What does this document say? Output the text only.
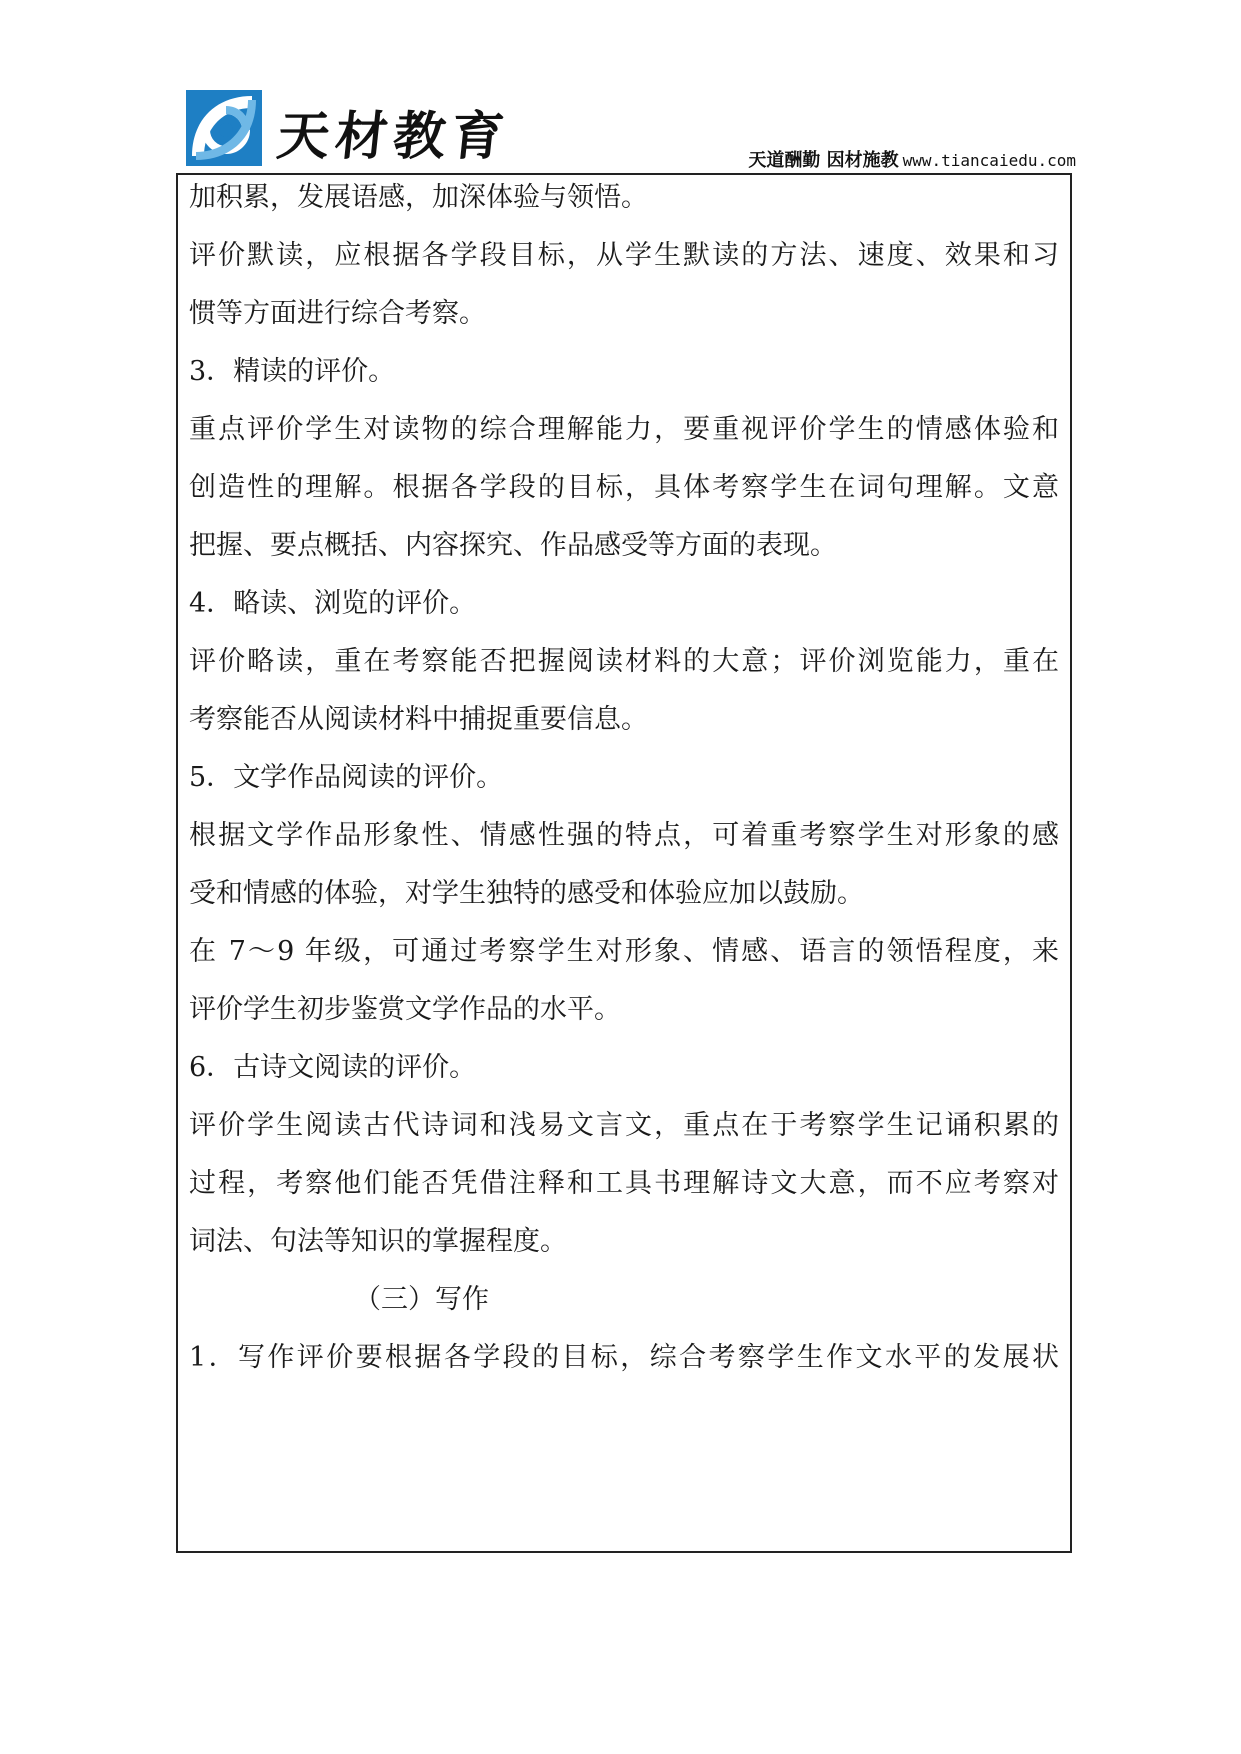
天材教育	天道酬勤 因材施教 www.tiancaiedu.com
加积累，发展语感，加深体验与领悟。
评价默读，应根据各学段目标，从学生默读的方法、速度、效果和习
惯等方面进行综合考察。
3．精读的评价。
重点评价学生对读物的综合理解能力，要重视评价学生的情感体验和
创造性的理解。根据各学段的目标，具体考察学生在词句理解。文意
把握、要点概括、内容探究、作品感受等方面的表现。
4．略读、浏览的评价。
评价略读，重在考察能否把握阅读材料的大意；评价浏览能力，重在
考察能否从阅读材料中捕捉重要信息。
5．文学作品阅读的评价。
根据文学作品形象性、情感性强的特点，可着重考察学生对形象的感
受和情感的体验，对学生独特的感受和体验应加以鼓励。
在 7～9 年级，可通过考察学生对形象、情感、语言的领悟程度，来
评价学生初步鉴赏文学作品的水平。
6．古诗文阅读的评价。
评价学生阅读古代诗词和浅易文言文，重点在于考察学生记诵积累的
过程，考察他们能否凭借注释和工具书理解诗文大意，而不应考察对
词法、句法等知识的掌握程度。
（三）写作
1．写作评价要根据各学段的目标，综合考察学生作文水平的发展状
